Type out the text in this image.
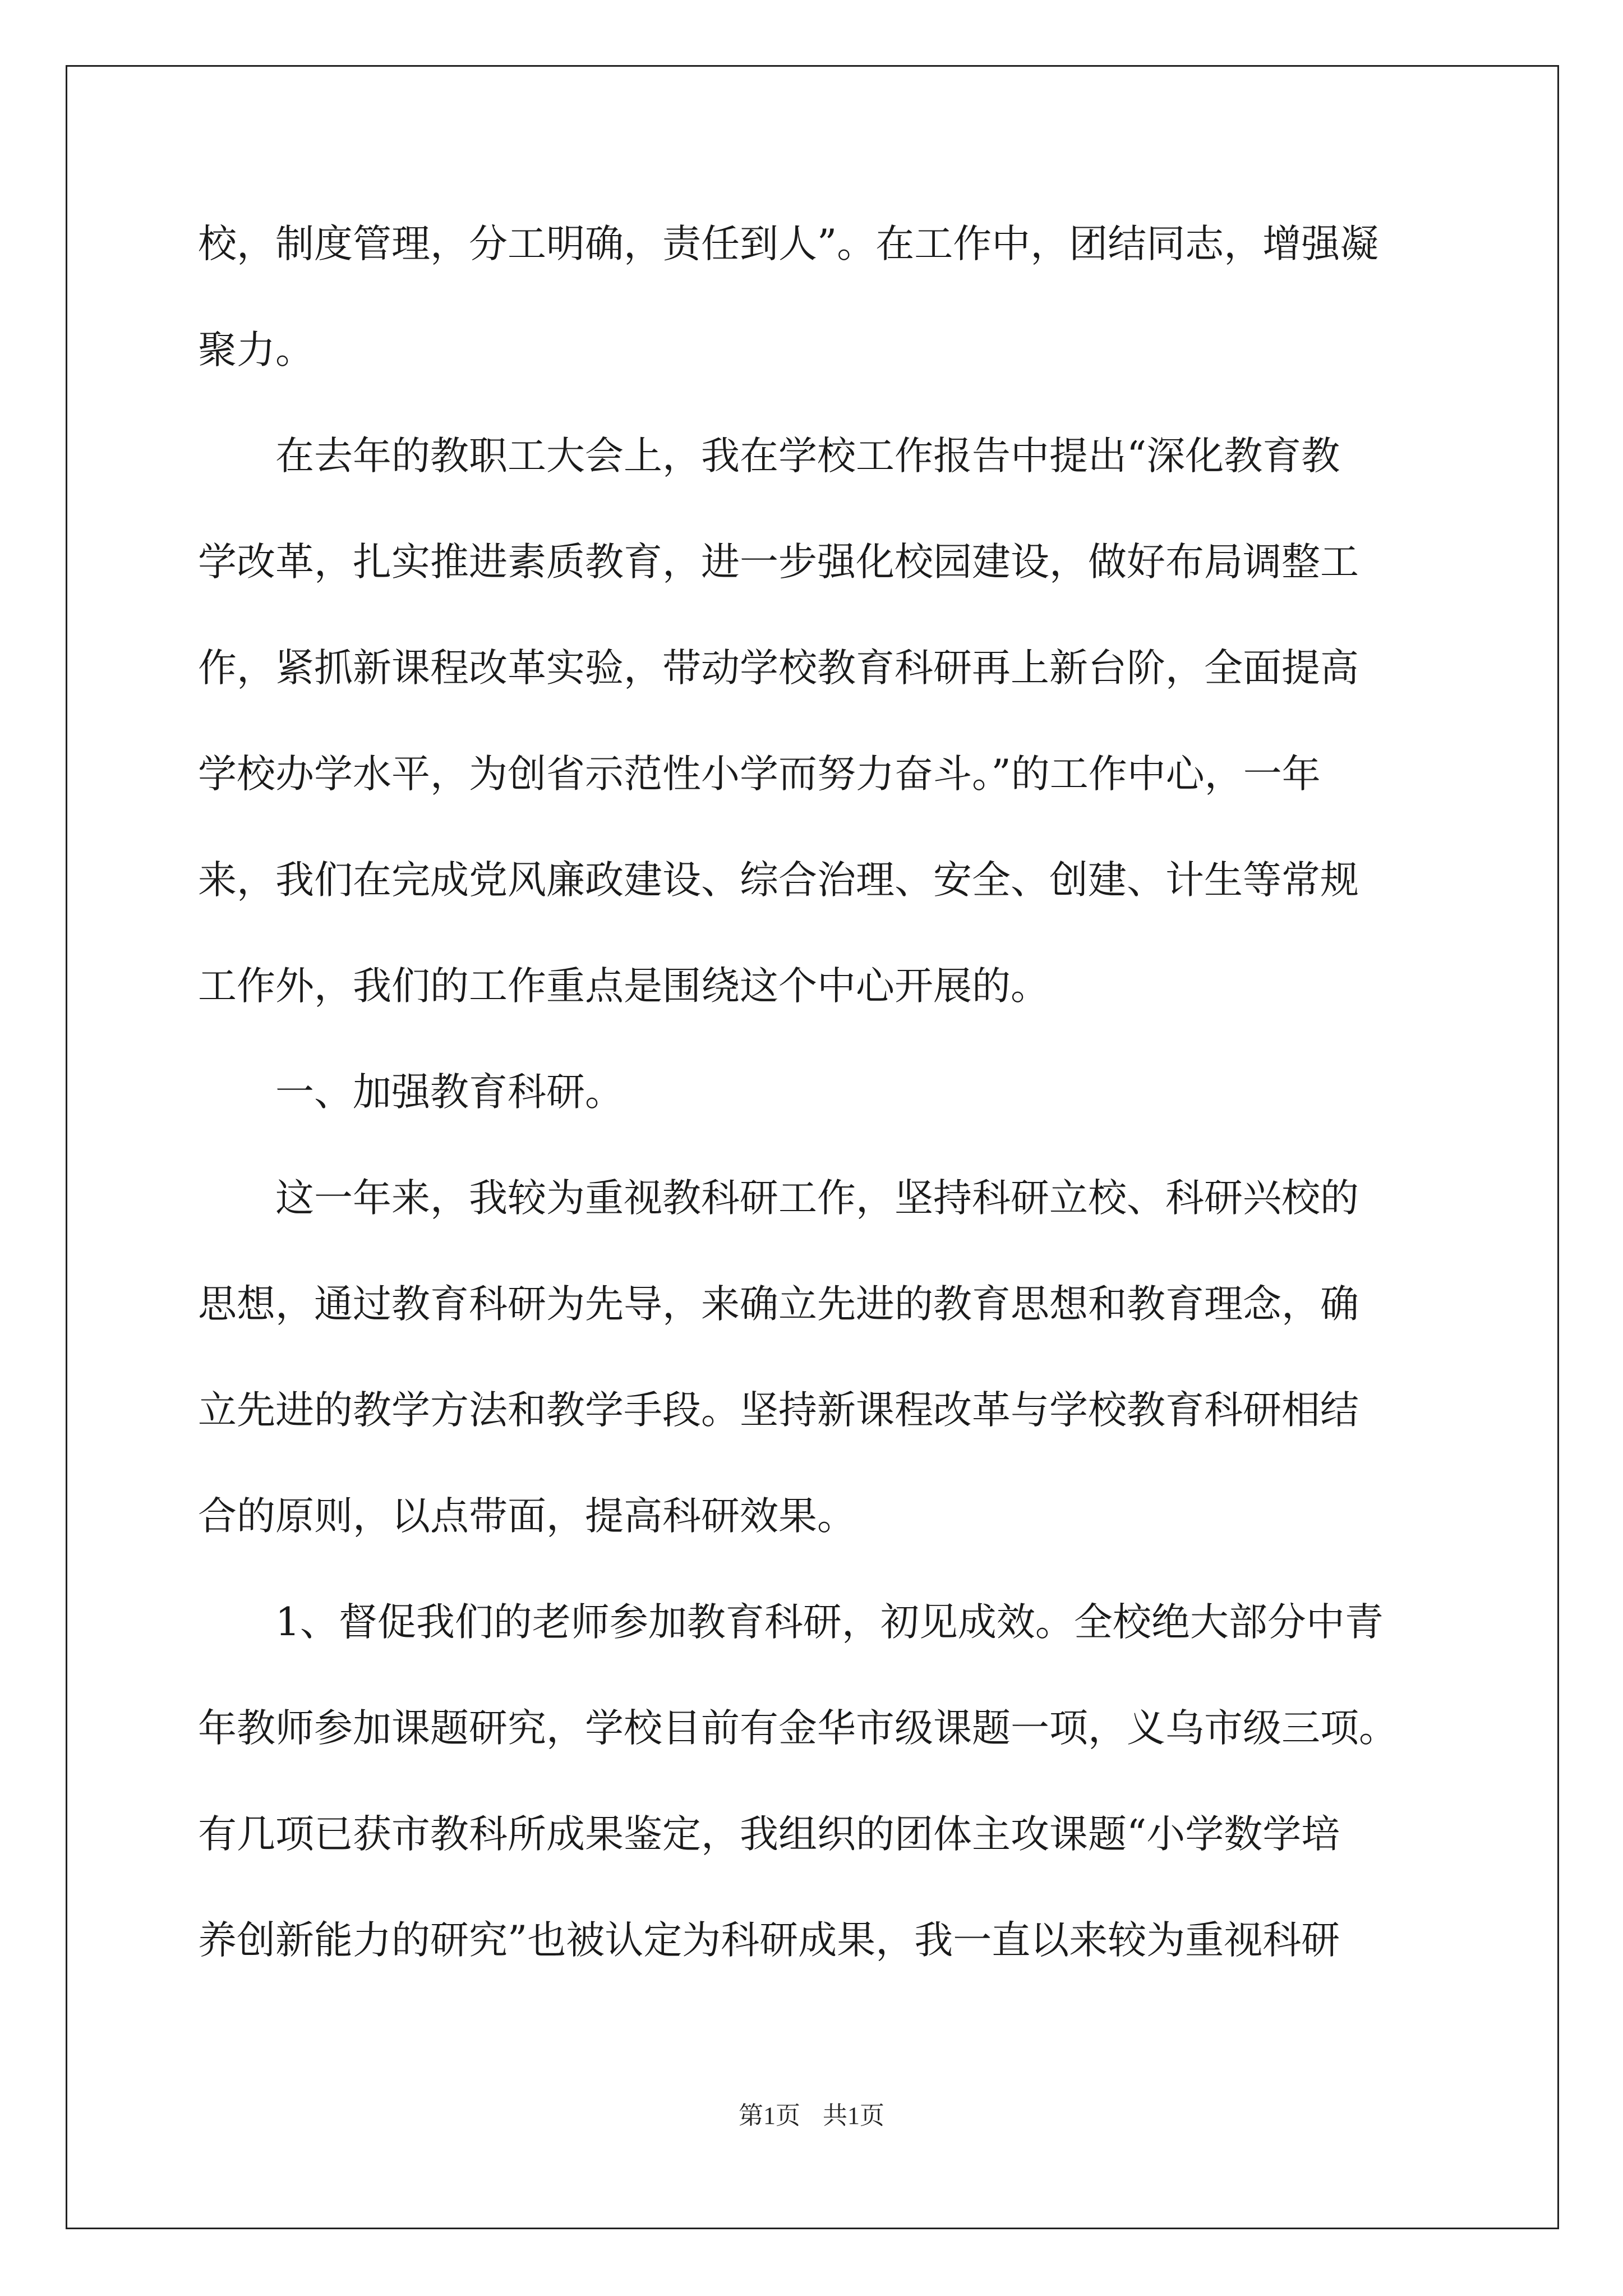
校，制度管理，分工明确，责任到人”。在工作中，团结同志，增强凝
聚力。
　　在去年的教职工大会上，我在学校工作报告中提出“深化教育教
学改革，扎实推进素质教育，进一步强化校园建设，做好布局调整工
作，紧抓新课程改革实验，带动学校教育科研再上新台阶，全面提高
学校办学水平，为创省示范性小学而努力奋斗。”的工作中心，一年
来，我们在完成党风廉政建设、综合治理、安全、创建、计生等常规
工作外，我们的工作重点是围绕这个中心开展的。
　　一、加强教育科研。
　　这一年来，我较为重视教科研工作，坚持科研立校、科研兴校的
思想，通过教育科研为先导，来确立先进的教育思想和教育理念，确
立先进的教学方法和教学手段。坚持新课程改革与学校教育科研相结
合的原则，以点带面，提高科研效果。
　　1、督促我们的老师参加教育科研，初见成效。全校绝大部分中青
年教师参加课题研究，学校目前有金华市级课题一项，义乌市级三项。
有几项已获市教科所成果鉴定，我组织的团体主攻课题“小学数学培
养创新能力的研究”也被认定为科研成果，我一直以来较为重视科研
第1页 共1页
